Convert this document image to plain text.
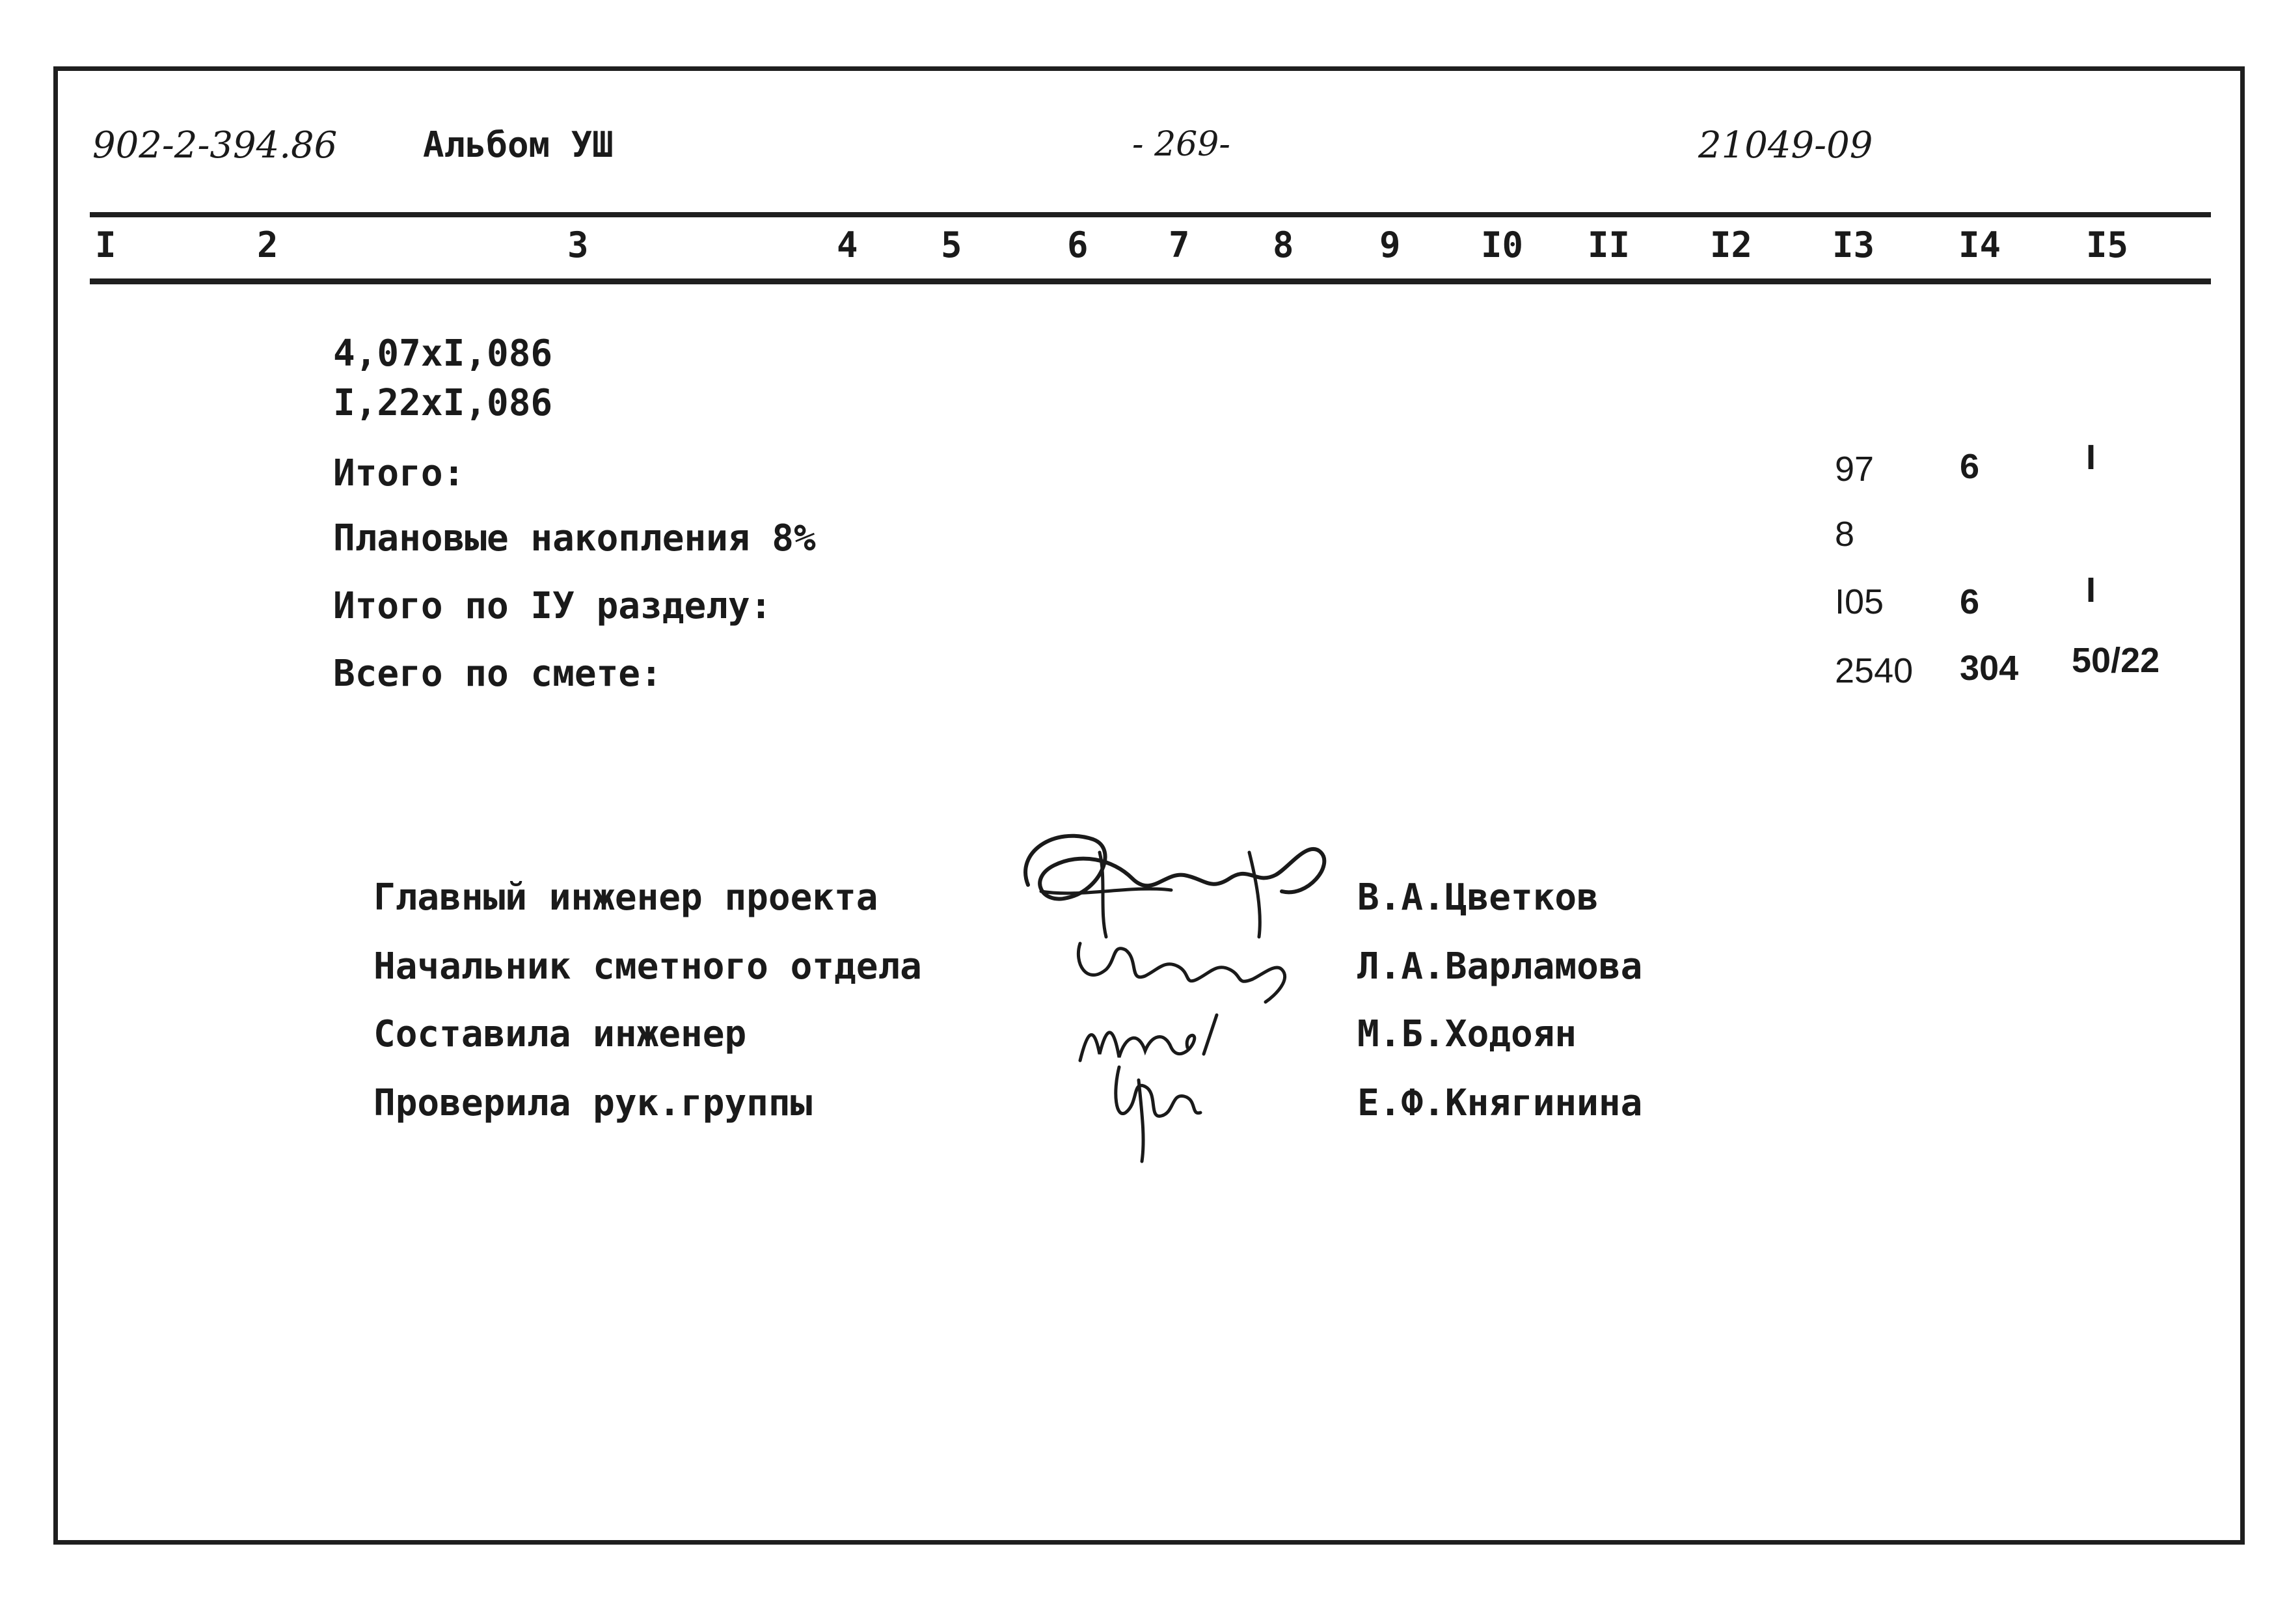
902-2-394.86 Альбом УШ	- 269-	21049-09
I	2	3	4 5	6 7 8 9 I0 II I2 I3 I4 I5
4,07хI,086
I,22хI,086
Итого:	97 6	I
Плановые накопления 8%	8
Итого по IУ разделу:	I05 6	I
Всего по смете:	2540 304 50/22
Главный инженер проекта
Начальник сметного отдела
Составила инженер
Проверила рук.группы
В.А.Цветков
Л.А.Варламова
М.Б.Ходоян
Е.Ф.Княгинина
